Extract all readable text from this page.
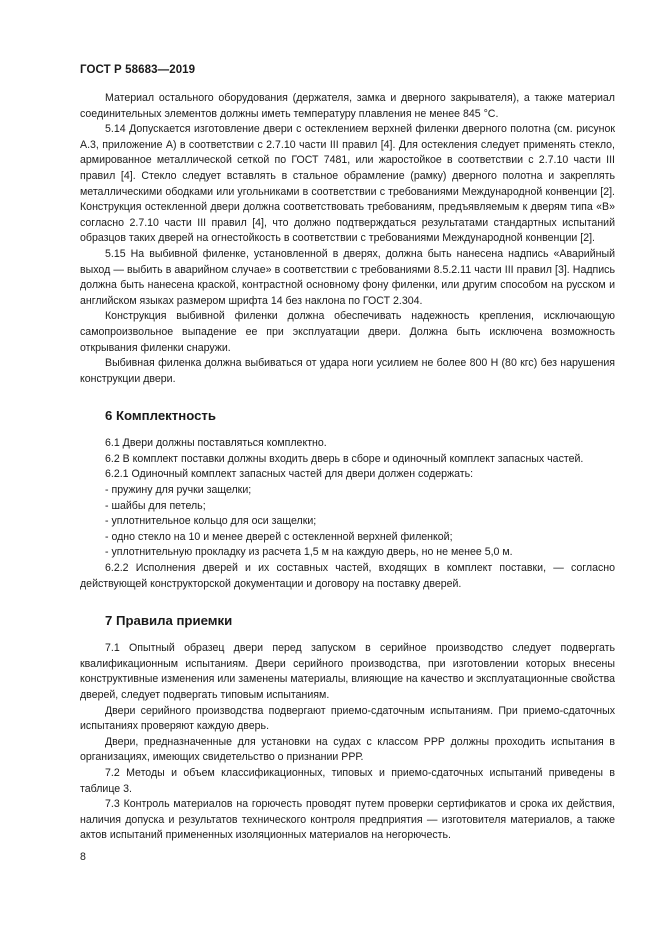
ГОСТ Р 58683—2019

Материал остального оборудования (держателя, замка и дверного закрывателя), а также материал соединительных элементов должны иметь температуру плавления не менее 845 °C.

5.14 Допускается изготовление двери с остеклением верхней филенки дверного полотна (см. рисунок А.3, приложение А) в соответствии с 2.7.10 части III правил [4]. Для остекления следует применять стекло, армированное металлической сеткой по ГОСТ 7481, или жаростойкое в соответствии с 2.7.10 части III правил [4]. Стекло следует вставлять в стальное обрамление (рамку) дверного полотна и закреплять металлическими ободками или угольниками в соответствии с требованиями Международной конвенции [2]. Конструкция остекленной двери должна соответствовать требованиям, предъявляемым к дверям типа «В» согласно 2.7.10 части III правил [4], что должно подтверждаться результатами стандартных испытаний образцов таких дверей на огнестойкость в соответствии с требованиями Международной конвенции [2].

5.15 На выбивной филенке, установленной в дверях, должна быть нанесена надпись «Аварийный выход — выбить в аварийном случае» в соответствии с требованиями 8.5.2.11 части III правил [3]. Надпись должна быть нанесена краской, контрастной основному фону филенки, или другим способом на русском и английском языках размером шрифта 14 без наклона по ГОСТ 2.304.

Конструкция выбивной филенки должна обеспечивать надежность крепления, исключающую самопроизвольное выпадение ее при эксплуатации двери. Должна быть исключена возможность открывания филенки снаружи.

Выбивная филенка должна выбиваться от удара ноги усилием не более 800 Н (80 кгс) без нарушения конструкции двери.

6 Комплектность

6.1 Двери должны поставляться комплектно.

6.2 В комплект поставки должны входить дверь в сборе и одиночный комплект запасных частей.

6.2.1 Одиночный комплект запасных частей для двери должен содержать:

- пружину для ручки защелки;

- шайбы для петель;

- уплотнительное кольцо для оси защелки;

- одно стекло на 10 и менее дверей с остекленной верхней филенкой;

- уплотнительную прокладку из расчета 1,5 м на каждую дверь, но не менее 5,0 м.

6.2.2 Исполнения дверей и их составных частей, входящих в комплект поставки, — согласно действующей конструкторской документации и договору на поставку дверей.

7 Правила приемки

7.1 Опытный образец двери перед запуском в серийное производство следует подвергать квалификационным испытаниям. Двери серийного производства, при изготовлении которых внесены конструктивные изменения или заменены материалы, влияющие на качество и эксплуатационные свойства дверей, следует подвергать типовым испытаниям.

Двери серийного производства подвергают приемо-сдаточным испытаниям. При приемо-сдаточных испытаниях проверяют каждую дверь.

Двери, предназначенные для установки на судах с классом РРР должны проходить испытания в организациях, имеющих свидетельство о признании РРР.

7.2 Методы и объем классификационных, типовых и приемо-сдаточных испытаний приведены в таблице 3.

7.3 Контроль материалов на горючесть проводят путем проверки сертификатов и срока их действия, наличия допуска и результатов технического контроля предприятия — изготовителя материалов, а также актов испытаний примененных изоляционных материалов на негорючесть.

8
